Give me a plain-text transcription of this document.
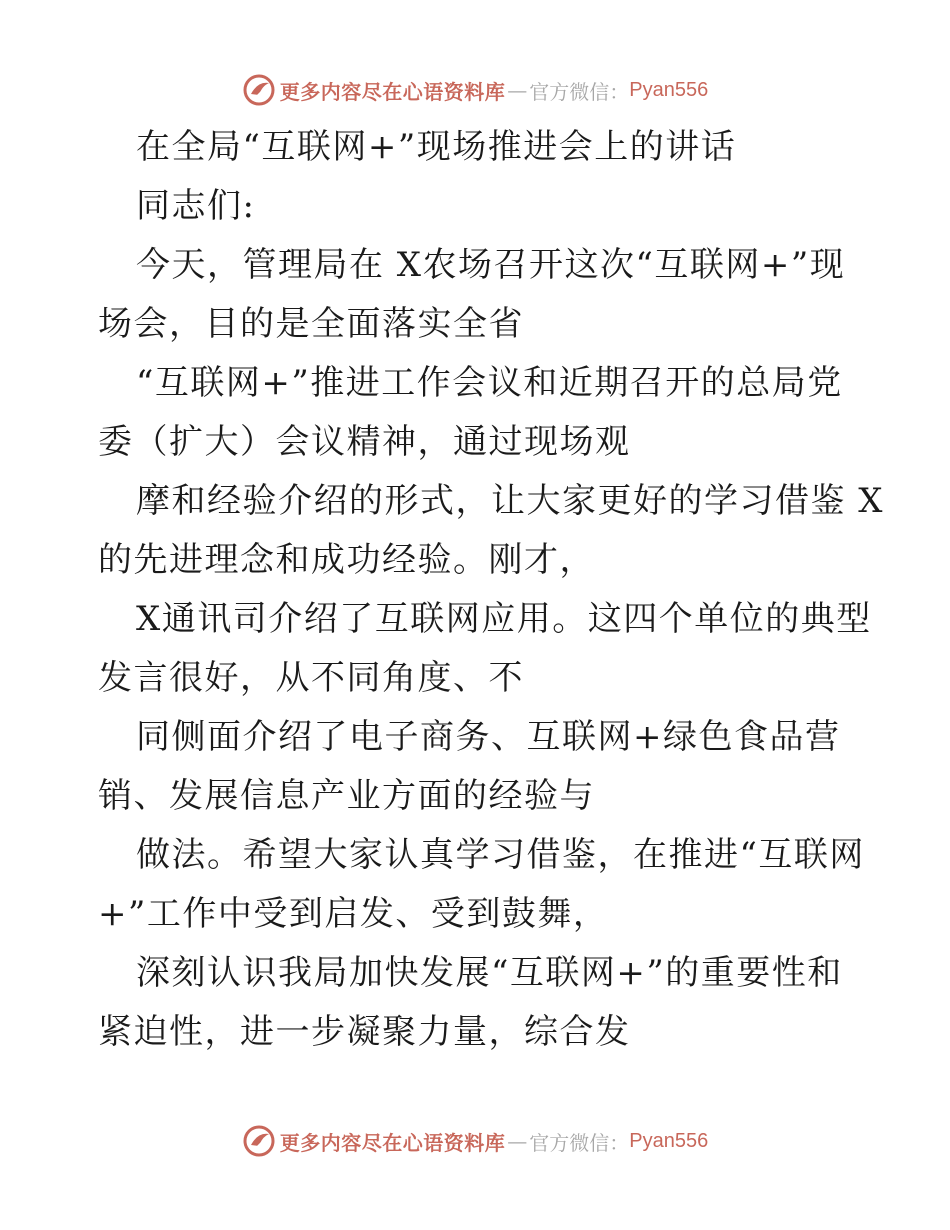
更多内容尽在心语资料库 — 官方微信： Pyan556
在全局“互联网+”现场推进会上的讲话
同志们:
今天，管理局在 X农场召开这次“互联网+”现
场会，目的是全面落实全省
“互联网+”推进工作会议和近期召开的总局党
委（扩大）会议精神，通过现场观
摩和经验介绍的形式，让大家更好的学习借鉴 X
的先进理念和成功经验。刚才，
X通讯司介绍了互联网应用。这四个单位的典型
发言很好，从不同角度、不
同侧面介绍了电子商务、互联网+绿色食品营
销、发展信息产业方面的经验与
做法。希望大家认真学习借鉴，在推进“互联网
+”工作中受到启发、受到鼓舞，
深刻认识我局加快发展“互联网+”的重要性和
紧迫性，进一步凝聚力量，综合发
更多内容尽在心语资料库 — 官方微信： Pyan556
